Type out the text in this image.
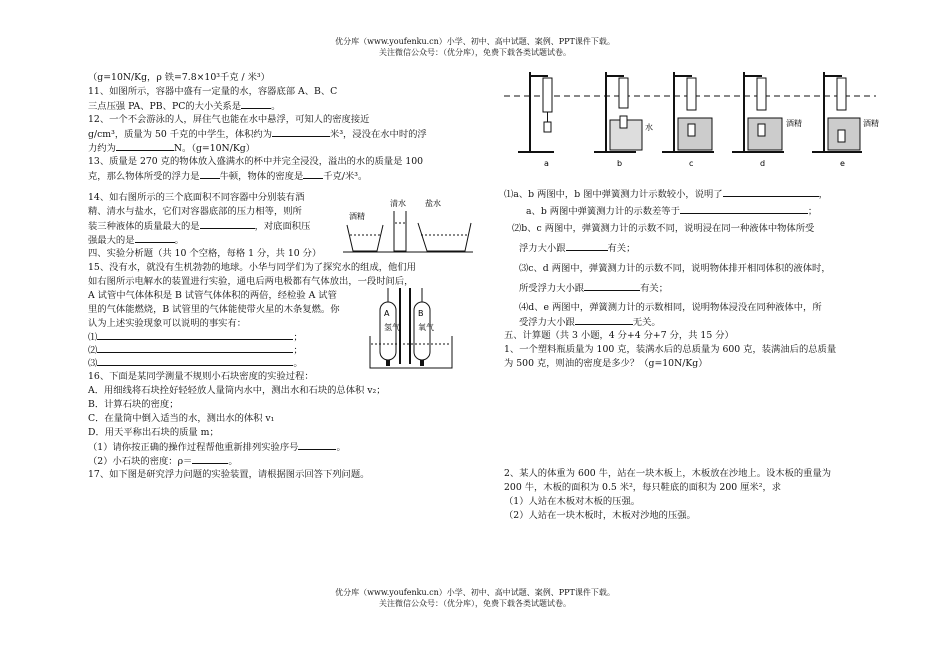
优分库（www.youfenku.cn）小学、初中、高中试题、案例、PPT课件下载。
关注微信公众号：（优分库），免费下载各类试题试卷。
优分库（www.youfenku.cn）小学、初中、高中试题、案例、PPT课件下载。
关注微信公众号：（优分库），免费下载各类试题试卷。
（g=10N/Kg，ρ 铁=7.8×10³千克 / 米³）
11、如图所示，容器中盛有一定量的水，容器底部 A、B、C
三点压强 PA、PB、PC的大小关系是	。
12、一个不会游泳的人，屏住气也能在水中悬浮，可知人的密度接近
g/cm³，质量为 50 千克的中学生，体积约为	米³，浸没在水中时的浮
力约为	N。（g=10N/Kg）
13、质量是 270 克的物体放入盛满水的杯中并完全浸没，溢出的水的质量是 100
克，那么物体所受的浮力是 牛顿，物体的密度是 千克/米³。
14、如右图所示的三个底面积不同容器中分别装有酒
精、清水与盐水，它们对容器底部的压力相等，则所
装三种液体的质量最大的是	，对底面积压
强最大的是	。
酒精
清水 盐水
四、实验分析题（共 10 个空格，每格 1 分，共 10 分）
15、没有水，就没有生机勃勃的地球。小华与同学们为了探究水的组成，他们用
如右图所示电解水的装置进行实验，通电后两电极都有气体放出，一段时间后，
A 试管中气体体积是 B 试管气体体积的两倍，经检验 A 试管
里的气体能燃烧，B 试管里的气体能使带火星的木条复燃。你
认为上述实验现象可以说明的事实有：
⑴	；
⑵	；
⑶	。
A	B
氢气 氧气
16、下面是某同学测量不规则小石块密度的实验过程：
A．用细线将石块拴好轻轻放人量筒内水中，测出水和石块的总体积 v₂；
B．计算石块的密度；
C．在量筒中倒入适当的水，测出水的体积 v₁
D．用天平称出石块的质量 m；
（1）请你按正确的操作过程帮他重新排列实验序号	。
（2）小石块的密度：ρ＝	。
17、如下图是研究浮力问题的实验装置，请根据图示回答下列问题。
水	酒精	酒精
a	b	c	d	e
⑴a、b 两图中，b 图中弹簧测力计示数较小，说明了	，
a、b 两图中弹簧测力计的示数差等于	；
⑵b、c 两图中，弹簧测力计的示数不同，说明浸在同一种液体中物体所受
浮力大小跟	有关；
⑶c、d 两图中，弹簧测力计的示数不同，说明物体排开相同体积的液体时，
所受浮力大小跟	有关；
⑷d、e 两图中，弹簧测力计的示数相同，说明物体浸没在同种液体中，所
受浮力大小跟	无关。
五、计算题（共 3 小题，4 分+4 分+7 分，共 15 分）
1、一个塑料瓶质量为 100 克，装满水后的总质量为 600 克，装满油后的总质量
为 500 克，则油的密度是多少？（g=10N/Kg）
2、某人的体重为 600 牛，站在一块木板上，木板放在沙地上。设木板的重量为
200 牛，木板的面积为 0.5 米²，每只鞋底的面积为 200 厘米²，求
（1）人站在木板对木板的压强。
（2）人站在一块木板时，木板对沙地的压强。
